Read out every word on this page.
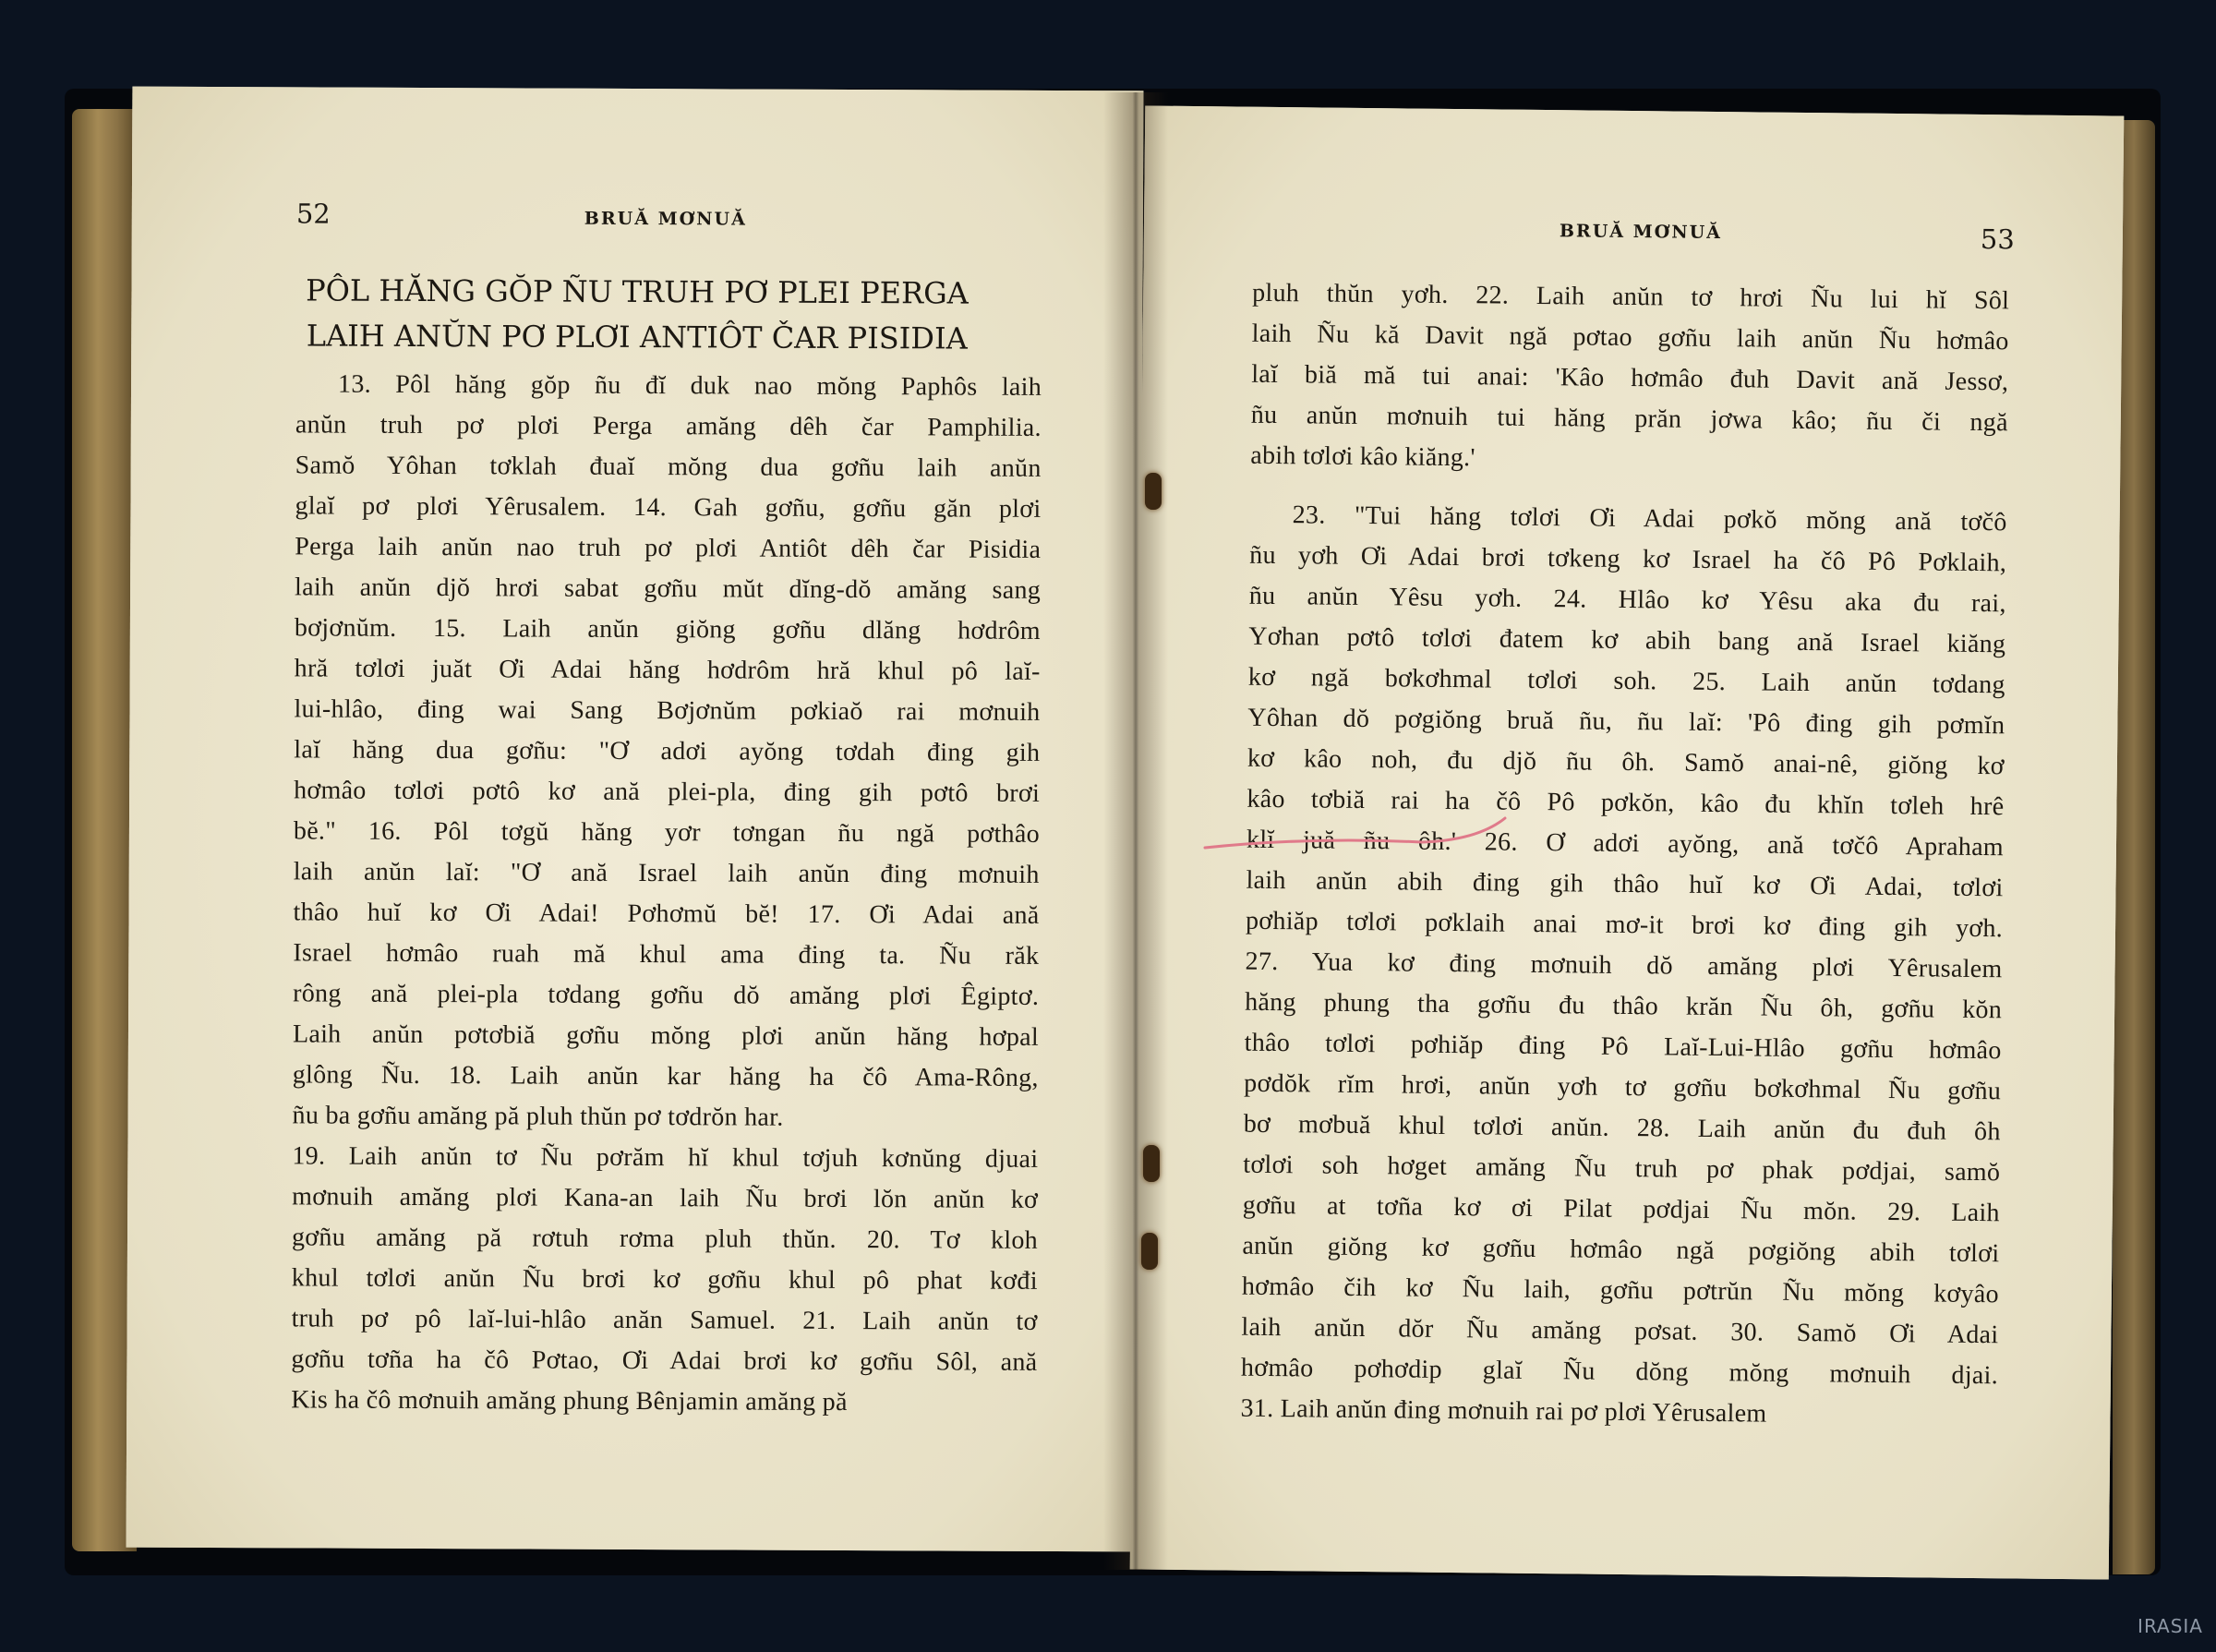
52	BRUĂ MƠNUĂ
PÔL HĂNG GŎP ÑU TRUH PƠ PLEI PERGA
LAIH ANŬN PƠ PLƠI ANTIÔT ČAR PISIDIA
13. Pôl hăng gŏp ñu đĭ duk nao mŏng Paphôs laih
anŭn truh pơ plơi Perga amăng dêh čar Pamphilia.
Samŏ Yôhan tơklah đuaĭ mŏng dua gơñu laih anŭn
glaĭ pơ plơi Yêrusalem. 14. Gah gơñu, gơñu găn plơi
Perga laih anŭn nao truh pơ plơi Antiôt dêh čar Pisidia
laih anŭn djŏ hrơi sabat gơñu mŭt dĭng-dŏ amăng sang
bơjơnŭm. 15. Laih anŭn giŏng gơñu dlăng hơdrôm
hră tơlơi juăt Ơi Adai hăng hơdrôm hră khul pô laĭ-
lui-hlâo, đing wai Sang Bơjơnŭm pơkiaŏ rai mơnuih
laĭ hăng dua gơñu: "Ơ adơi ayŏng tơdah đing gih
hơmâo tơlơi pơtô kơ ană plei-pla, đing gih pơtô brơi
bĕ." 16. Pôl tơgŭ hăng yơr tơngan ñu ngă pơthâo
laih anŭn laĭ: "Ơ ană Israel laih anŭn đing mơnuih
thâo huĭ kơ Ơi Adai! Pơhơmŭ bĕ! 17. Ơi Adai ană
Israel hơmâo ruah mă khul ama đing ta. Ñu răk
rông ană plei-pla tơdang gơñu dŏ amăng plơi Êgiptơ.
Laih anŭn pơtơbiă gơñu mŏng plơi anŭn hăng hơpal
glông Ñu. 18. Laih anŭn kar hăng ha čô Ama-Rông,
ñu ba gơñu amăng pă pluh thŭn pơ tơdrŏn har.
19. Laih anŭn tơ Ñu pơrăm hĭ khul tơjuh kơnŭng djuai
mơnuih amăng plơi Kana-an laih Ñu brơi lŏn anŭn kơ
gơñu amăng pă rơtuh rơma pluh thŭn. 20. Tơ kloh
khul tơlơi anŭn Ñu brơi kơ gơñu khul pô phat kơđi
truh pơ pô laĭ-lui-hlâo anăn Samuel. 21. Laih anŭn tơ
gơñu tơña ha čô Pơtao, Ơi Adai brơi kơ gơñu Sôl, ană
Kis ha čô mơnuih amăng phung Bênjamin amăng pă
BRUĂ MƠNUĂ	53
pluh thŭn yơh. 22. Laih anŭn tơ hrơi Ñu lui hĭ Sôl
laih Ñu kă Davit ngă pơtao gơñu laih anŭn Ñu hơmâo
laĭ biă mă tui anai: 'Kâo hơmâo đuh Davit ană Jessơ,
ñu anŭn mơnuih tui hăng prăn jơwa kâo; ñu či ngă
abih tơlơi kâo kiăng.'
23. "Tui hăng tơlơi Ơi Adai pơkŏ mŏng ană tơčô
ñu yơh Ơi Adai brơi tơkeng kơ Israel ha čô Pô Pơklaih,
ñu anŭn Yêsu yơh. 24. Hlâo kơ Yêsu aka đu rai,
Yơhan pơtô tơlơi đatem kơ abih bang ană Israel kiăng
kơ ngă bơkơhmal tơlơi soh. 25. Laih anŭn tơdang
Yôhan dŏ pơgiŏng bruă ñu, ñu laĭ: 'Pô đing gih pơmĭn
kơ kâo noh, đu djŏ ñu ôh. Samŏ anai-nê, giŏng kơ
kâo tơbiă rai ha čô Pô pơkŏn, kâo đu khĭn tơleh hrê
klĭ juă ñu ôh.' 26. Ơ adơi ayŏng, ană tơčô Apraham
laih anŭn abih đing gih thâo huĭ kơ Ơi Adai, tơlơi
pơhiăp tơlơi pơklaih anai mơ-it brơi kơ đing gih yơh.
27. Yua kơ đing mơnuih dŏ amăng plơi Yêrusalem
hăng phung tha gơñu đu thâo krăn Ñu ôh, gơñu kŏn
thâo tơlơi pơhiăp đing Pô Laĭ-Lui-Hlâo gơñu hơmâo
pơdŏk rĭm hrơi, anŭn yơh tơ gơñu bơkơhmal Ñu gơñu
bơ mơbuă khul tơlơi anŭn. 28. Laih anŭn đu đuh ôh
tơlơi soh hơget amăng Ñu truh pơ phak pơdjai, samŏ
gơñu at tơña kơ ơi Pilat pơdjai Ñu mŏn. 29. Laih
anŭn giŏng kơ gơñu hơmâo ngă pơgiŏng abih tơlơi
hơmâo čih kơ Ñu laih, gơñu pơtrŭn Ñu mŏng kơyâo
laih anŭn dŏr Ñu amăng pơsat. 30. Samŏ Ơi Adai
hơmâo pơhơdip glaĭ Ñu dŏng mŏng mơnuih djai.
31. Laih anŭn đing mơnuih rai pơ plơi Yêrusalem
IRASIA
